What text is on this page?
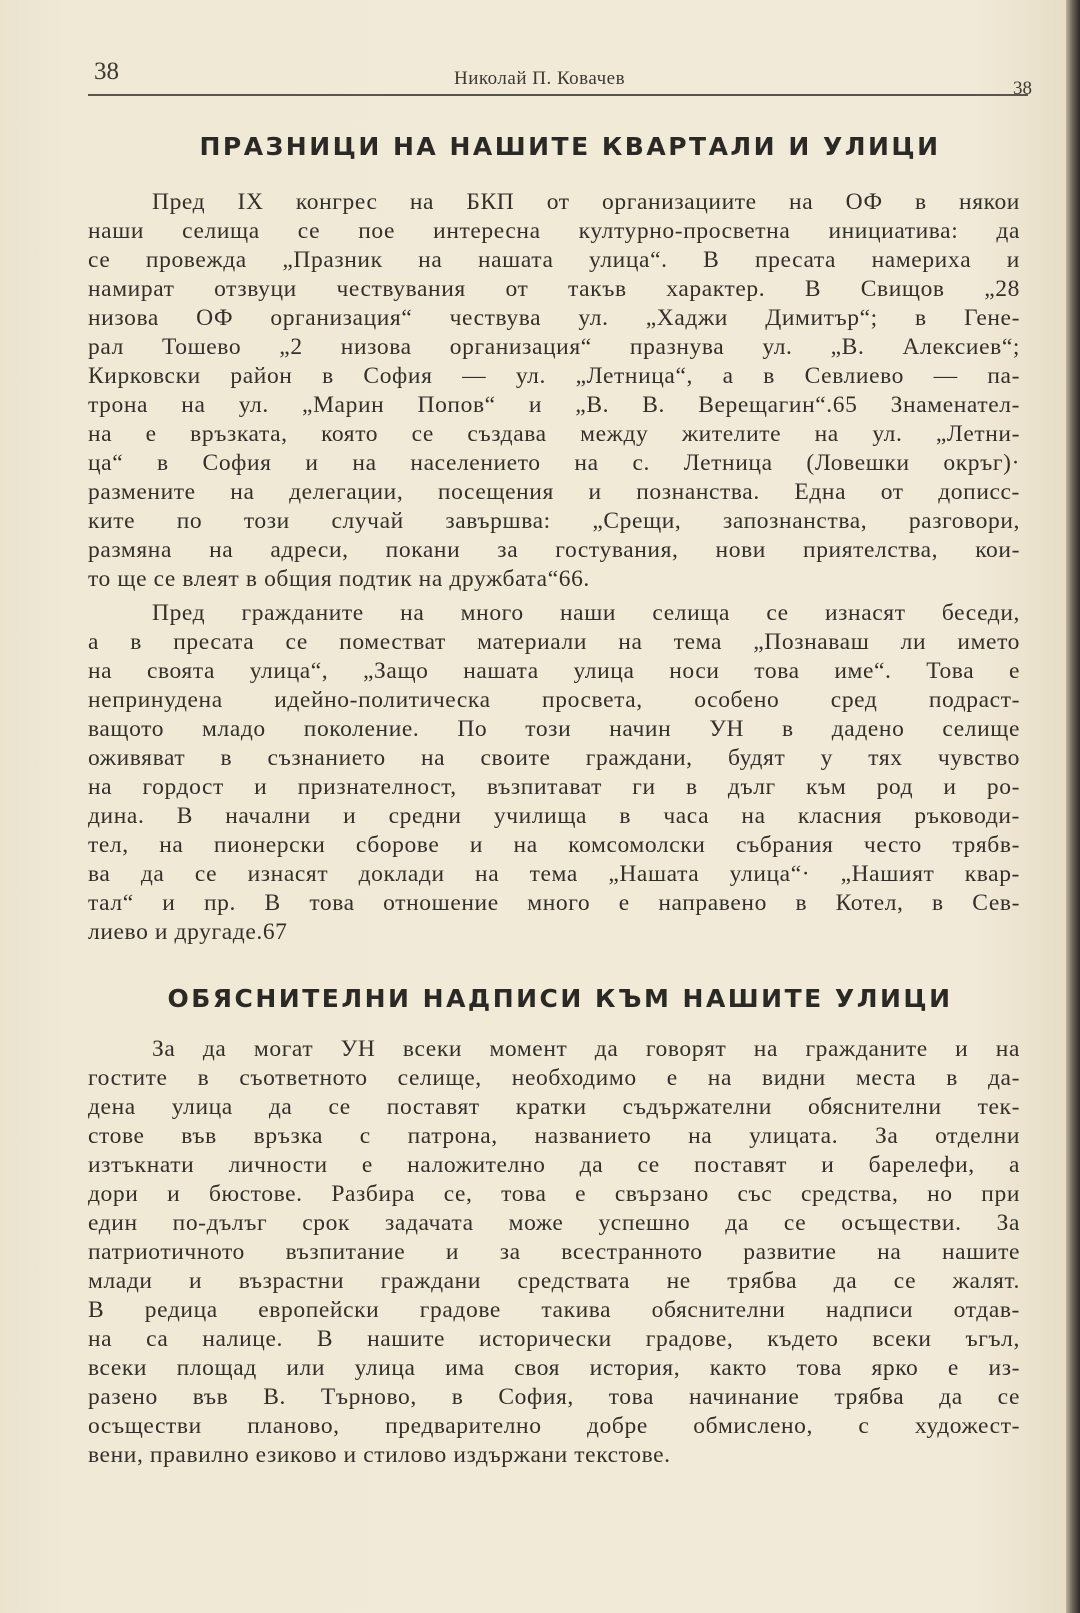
38	Николай П. Ковачев	38
ПРАЗНИЦИ НА НАШИТЕ КВАРТАЛИ И УЛИЦИ
Пред IX конгрес на БКП от организациите на ОФ в някои
наши селища се пое интересна културно-просветна инициатива: да
се провежда „Празник на нашата улица“. В пресата намерихa и
намират отзвуци чествувания от такъв характер. В Свищов „28
низова ОФ организация“ чествува ул. „Хаджи Димитър“; в Гене-
рал Тошево „2 низова организация“ празнува ул. „В. Алексиев“;
Кирковски район в София — ул. „Летница“, а в Севлиево — па-
трона на ул. „Марин Попов“ и „В. В. Верещагин“.65 Знаменател-
на е връзката, която се създава между жителите на ул. „Летни-
ца“ в София и на населението на с. Летница (Ловешки окръг)·
размените на делегации, посещения и познанства. Една от дописс-
ките по този случай завършва: „Срещи, запознанства, разговори,
размяна на адреси, покани за гостувания, нови приятелства, кои-
то ще се влеят в общия подтик на дружбата“66.
Пред гражданите на много наши селища се изнасят беседи,
а в пресата се поместват материали на тема „Познаваш ли името
на своята улица“, „Защо нашата улица носи това име“. Това е
непринудена идейно-политическа просвета, особено сред подраст-
ващото младо поколение. По този начин УН в дадено селище
оживяват в съзнанието на своите граждани, будят у тях чувство
на гордост и признателност, възпитават ги в дълг към род и ро-
дина. В начални и средни училища в часа на класния ръководи-
тел, на пионерски сборове и на комсомолски събрания често трябв-
ва да се изнасят доклади на тема „Нашата улица“· „Нашият квар-
тал“ и пр. В това отношение много е направено в Котел, в Сев-
лиево и другаде.67
ОБЯСНИТЕЛНИ НАДПИСИ КЪМ НАШИТЕ УЛИЦИ
За да могат УН всеки момент да говорят на гражданите и на
гостите в съответното селище, необходимо е на видни места в да-
дена улица да се поставят кратки съдържателни обяснителни тек-
стове във връзка с патрона, названието на улицата. За отделни
изтъкнати личности е наложително да се поставят и барелефи, а
дори и бюстове. Разбира се, това е свързано със средства, но при
един по-дълъг срок задачата може успешно да се осъществи. За
патриотичното възпитание и за всестранното развитие на нашите
млади и възрастни граждани средствата не трябва да се жалят.
В редица европейски градове такива обяснителни надписи отдав-
на са налице. В нашите исторически градове, където всеки ъгъл,
всеки площад или улица има своя история, както това ярко е из-
разено във В. Търново, в София, това начинание трябва да се
осъществи планово, предварително добре обмислено, с художест-
вени, правилно езиково и стилово издържани текстове.
